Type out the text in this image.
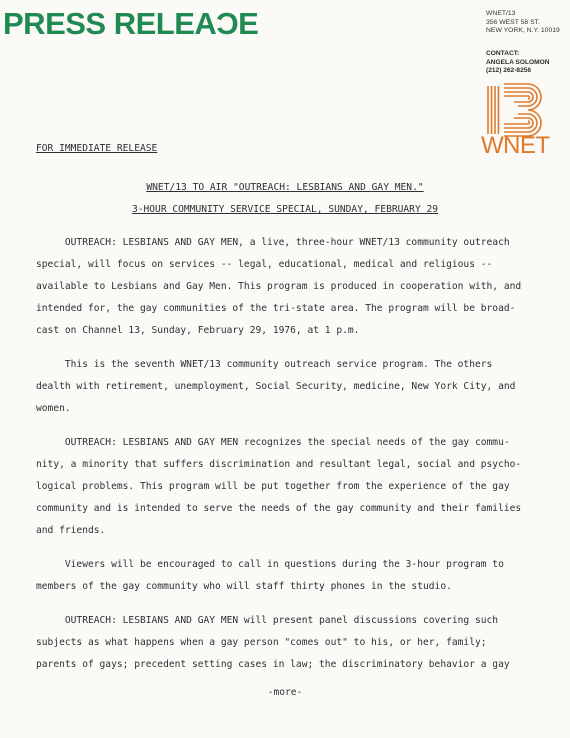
PRESS RELEAƆE	WNET/13
356 WEST 58 ST.
NEW YORK, N.Y. 10019
CONTACT:
ANGELA SOLOMON
(212) 262-8256
WNET
FOR IMMEDIATE RELEASE
WNET/13 TO AIR "OUTREACH: LESBIANS AND GAY MEN."
3-HOUR COMMUNITY SERVICE SPECIAL, SUNDAY, FEBRUARY 29
OUTREACH: LESBIANS AND GAY MEN, a live, three-hour WNET/13 community outreach
special, will focus on services -- legal, educational, medical and religious --
available to Lesbians and Gay Men. This program is produced in cooperation with, and
intended for, the gay communities of the tri-state area. The program will be broad-
cast on Channel 13, Sunday, February 29, 1976, at 1 p.m.
This is the seventh WNET/13 community outreach service program. The others
dealth with retirement, unemployment, Social Security, medicine, New York City, and
women.
OUTREACH: LESBIANS AND GAY MEN recognizes the special needs of the gay commu-
nity, a minority that suffers discrimination and resultant legal, social and psycho-
logical problems. This program will be put together from the experience of the gay
community and is intended to serve the needs of the gay community and their families
and friends.
Viewers will be encouraged to call in questions during the 3-hour program to
members of the gay community who will staff thirty phones in the studio.
OUTREACH: LESBIANS AND GAY MEN will present panel discussions covering such
subjects as what happens when a gay person "comes out" to his, or her, family;
parents of gays; precedent setting cases in law; the discriminatory behavior a gay
-more-
